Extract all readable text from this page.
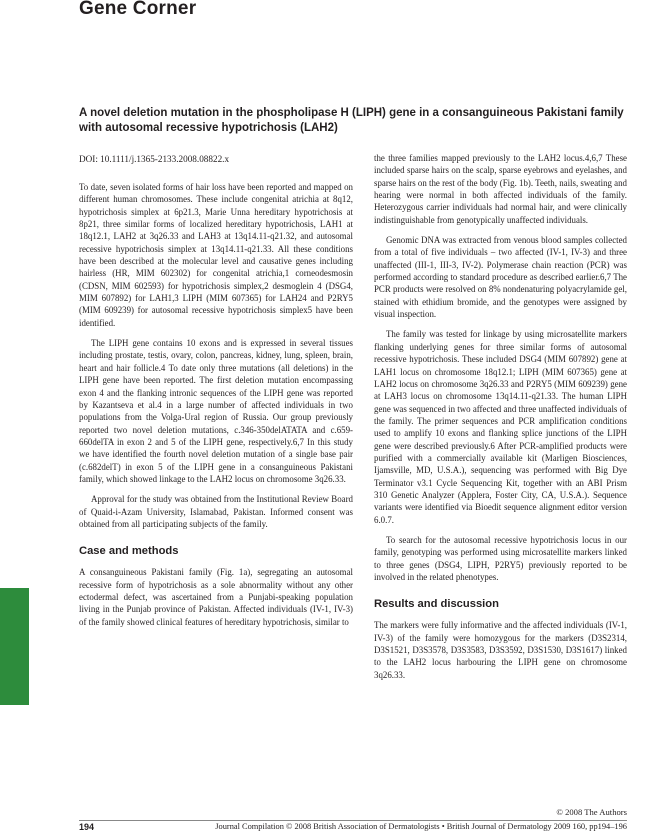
Gene Corner
A novel deletion mutation in the phospholipase H (LIPH) gene in a consanguineous Pakistani family with autosomal recessive hypotrichosis (LAH2)
DOI: 10.1111/j.1365-2133.2008.08822.x

To date, seven isolated forms of hair loss have been reported and mapped on different human chromosomes. These include congenital atrichia at 8q12, hypotrichosis simplex at 6p21.3, Marie Unna hereditary hypotrichosis at 8p21, three similar forms of localized hereditary hypotrichosis, LAH1 at 18q12.1, LAH2 at 3q26.33 and LAH3 at 13q14.11-q21.32, and autosomal recessive hypotrichosis simplex at 13q14.11-q21.33. All these conditions have been described at the molecular level and causative genes including hairless (HR, MIM 602302) for congenital atrichia,1 corneodesmosin (CDSN, MIM 602593) for hypotrichosis simplex,2 desmoglein 4 (DSG4, MIM 607892) for LAH1,3 LIPH (MIM 607365) for LAH24 and P2RY5 (MIM 609239) for autosomal recessive hypotrichosis simplex5 have been identified.

The LIPH gene contains 10 exons and is expressed in several tissues including prostate, testis, ovary, colon, pancreas, kidney, lung, spleen, brain, heart and hair follicle.4 To date only three mutations (all deletions) in the LIPH gene have been reported. The first deletion mutation encompassing exon 4 and the flanking intronic sequences of the LIPH gene was reported by Kazantseva et al.4 in a large number of affected individuals in two populations from the Volga-Ural region of Russia. Our group previously reported two novel deletion mutations, c.346-350delATATA and c.659-660delTA in exon 2 and 5 of the LIPH gene, respectively.6,7 In this study we have identified the fourth novel deletion mutation of a single base pair (c.682delT) in exon 5 of the LIPH gene in a consanguineous Pakistani family, which showed linkage to the LAH2 locus on chromosome 3q26.33.

Approval for the study was obtained from the Institutional Review Board of Quaid-i-Azam University, Islamabad, Pakistan. Informed consent was obtained from all participating subjects of the family.

Case and methods

A consanguineous Pakistani family (Fig. 1a), segregating an autosomal recessive form of hypotrichosis as a sole abnormality without any other ectodermal defect, was ascertained from a Punjabi-speaking population living in the Punjab province of Pakistan. Affected individuals (IV-1, IV-3) of the family showed clinical features of hereditary hypotrichosis, similar to

the three families mapped previously to the LAH2 locus.4,6,7 These included sparse hairs on the scalp, sparse eyebrows and eyelashes, and sparse hairs on the rest of the body (Fig. 1b). Teeth, nails, sweating and hearing were normal in both affected individuals of the family. Heterozygous carrier individuals had normal hair, and were clinically indistinguishable from genotypically unaffected individuals.

Genomic DNA was extracted from venous blood samples collected from a total of five individuals – two affected (IV-1, IV-3) and three unaffected (III-1, III-3, IV-2). Polymerase chain reaction (PCR) was performed according to standard procedure as described earlier.6,7 The PCR products were resolved on 8% nondenaturing polyacrylamide gel, stained with ethidium bromide, and the genotypes were assigned by visual inspection.

The family was tested for linkage by using microsatellite markers flanking underlying genes for three similar forms of autosomal recessive hypotrichosis. These included DSG4 (MIM 607892) gene at LAH1 locus on chromosome 18q12.1; LIPH (MIM 607365) gene at LAH2 locus on chromosome 3q26.33 and P2RY5 (MIM 609239) gene at LAH3 locus on chromosome 13q14.11-q21.33. The human LIPH gene was sequenced in two affected and three unaffected individuals of the family. The primer sequences and PCR amplification conditions used to amplify 10 exons and flanking splice junctions of the LIPH gene were described previously.6 After PCR-amplified products were purified with a commercially available kit (Marligen Biosciences, Ijamsville, MD, U.S.A.), sequencing was performed with Big Dye Terminator v3.1 Cycle Sequencing Kit, together with an ABI Prism 310 Genetic Analyzer (Applera, Foster City, CA, U.S.A.). Sequence variants were identified via Bioedit sequence alignment editor version 6.0.7.

To search for the autosomal recessive hypotrichosis locus in our family, genotyping was performed using microsatellite markers linked to three genes (DSG4, LIPH, P2RY5) previously reported to be involved in the related phenotypes.

Results and discussion

The markers were fully informative and the affected individuals (IV-1, IV-3) of the family were homozygous for the markers (D3S2314, D3S1521, D3S3578, D3S3583, D3S3592, D3S1530, D3S1617) linked to the LAH2 locus harbouring the LIPH gene on chromosome 3q26.33.

© 2008 The Authors
194	Journal Compilation © 2008 British Association of Dermatologists • British Journal of Dermatology 2009 160, pp194–196
